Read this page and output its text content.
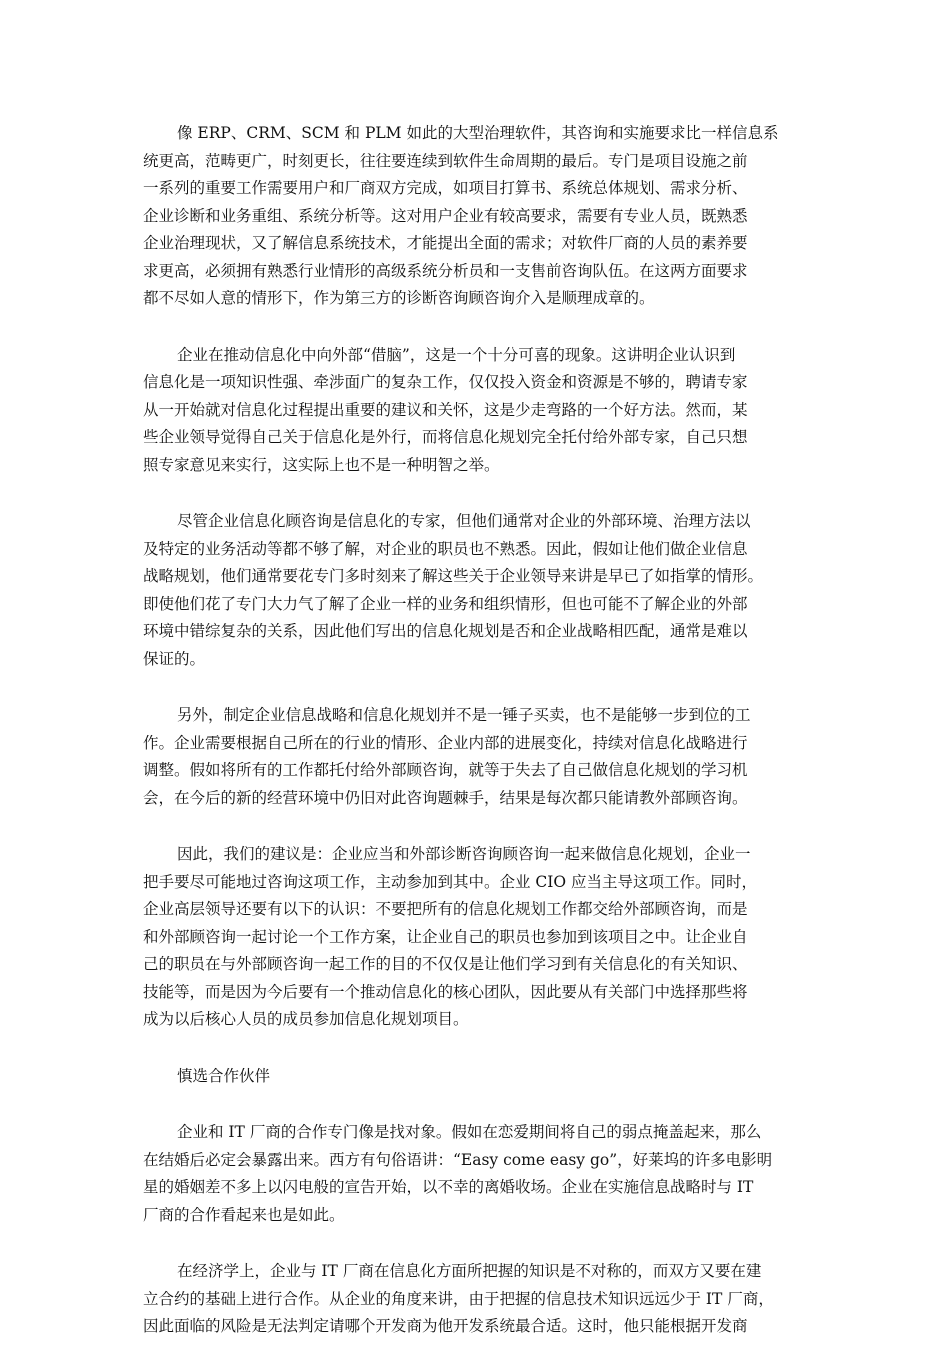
像 ERP、CRM、SCM 和 PLM 如此的大型治理软件，其咨询和实施要求比一样信息系
统更高，范畴更广，时刻更长，往往要连续到软件生命周期的最后。专门是项目设施之前
一系列的重要工作需要用户和厂商双方完成，如项目打算书、系统总体规划、需求分析、
企业诊断和业务重组、系统分析等。这对用户企业有较高要求，需要有专业人员，既熟悉
企业治理现状，又了解信息系统技术，才能提出全面的需求；对软件厂商的人员的素养要
求更高，必须拥有熟悉行业情形的高级系统分析员和一支售前咨询队伍。在这两方面要求
都不尽如人意的情形下，作为第三方的诊断咨询顾咨询介入是顺理成章的。
企业在推动信息化中向外部“借脑”，这是一个十分可喜的现象。这讲明企业认识到
信息化是一项知识性强、牵涉面广的复杂工作，仅仅投入资金和资源是不够的，聘请专家
从一开始就对信息化过程提出重要的建议和关怀，这是少走弯路的一个好方法。然而，某
些企业领导觉得自己关于信息化是外行，而将信息化规划完全托付给外部专家，自己只想
照专家意见来实行，这实际上也不是一种明智之举。
尽管企业信息化顾咨询是信息化的专家，但他们通常对企业的外部环境、治理方法以
及特定的业务活动等都不够了解，对企业的职员也不熟悉。因此，假如让他们做企业信息
战略规划，他们通常要花专门多时刻来了解这些关于企业领导来讲是早已了如指掌的情形。
即使他们花了专门大力气了解了企业一样的业务和组织情形，但也可能不了解企业的外部
环境中错综复杂的关系，因此他们写出的信息化规划是否和企业战略相匹配，通常是难以
保证的。
另外，制定企业信息战略和信息化规划并不是一锤子买卖，也不是能够一步到位的工
作。企业需要根据自己所在的行业的情形、企业内部的进展变化，持续对信息化战略进行
调整。假如将所有的工作都托付给外部顾咨询，就等于失去了自己做信息化规划的学习机
会，在今后的新的经营环境中仍旧对此咨询题棘手，结果是每次都只能请教外部顾咨询。
因此，我们的建议是：企业应当和外部诊断咨询顾咨询一起来做信息化规划，企业一
把手要尽可能地过咨询这项工作，主动参加到其中。企业 CIO 应当主导这项工作。同时，
企业高层领导还要有以下的认识：不要把所有的信息化规划工作都交给外部顾咨询，而是
和外部顾咨询一起讨论一个工作方案，让企业自己的职员也参加到该项目之中。让企业自
己的职员在与外部顾咨询一起工作的目的不仅仅是让他们学习到有关信息化的有关知识、
技能等，而是因为今后要有一个推动信息化的核心团队，因此要从有关部门中选择那些将
成为以后核心人员的成员参加信息化规划项目。
慎选合作伙伴
企业和 IT 厂商的合作专门像是找对象。假如在恋爱期间将自己的弱点掩盖起来，那么
在结婚后必定会暴露出来。西方有句俗语讲：“Easy come easy go”，好莱坞的许多电影明
星的婚姻差不多上以闪电般的宣告开始，以不幸的离婚收场。企业在实施信息战略时与 IT
厂商的合作看起来也是如此。
在经济学上，企业与 IT 厂商在信息化方面所把握的知识是不对称的，而双方又要在建
立合约的基础上进行合作。从企业的角度来讲，由于把握的信息技术知识远远少于 IT 厂商，
因此面临的风险是无法判定请哪个开发商为他开发系统最合适。这时，他只能根据开发商
